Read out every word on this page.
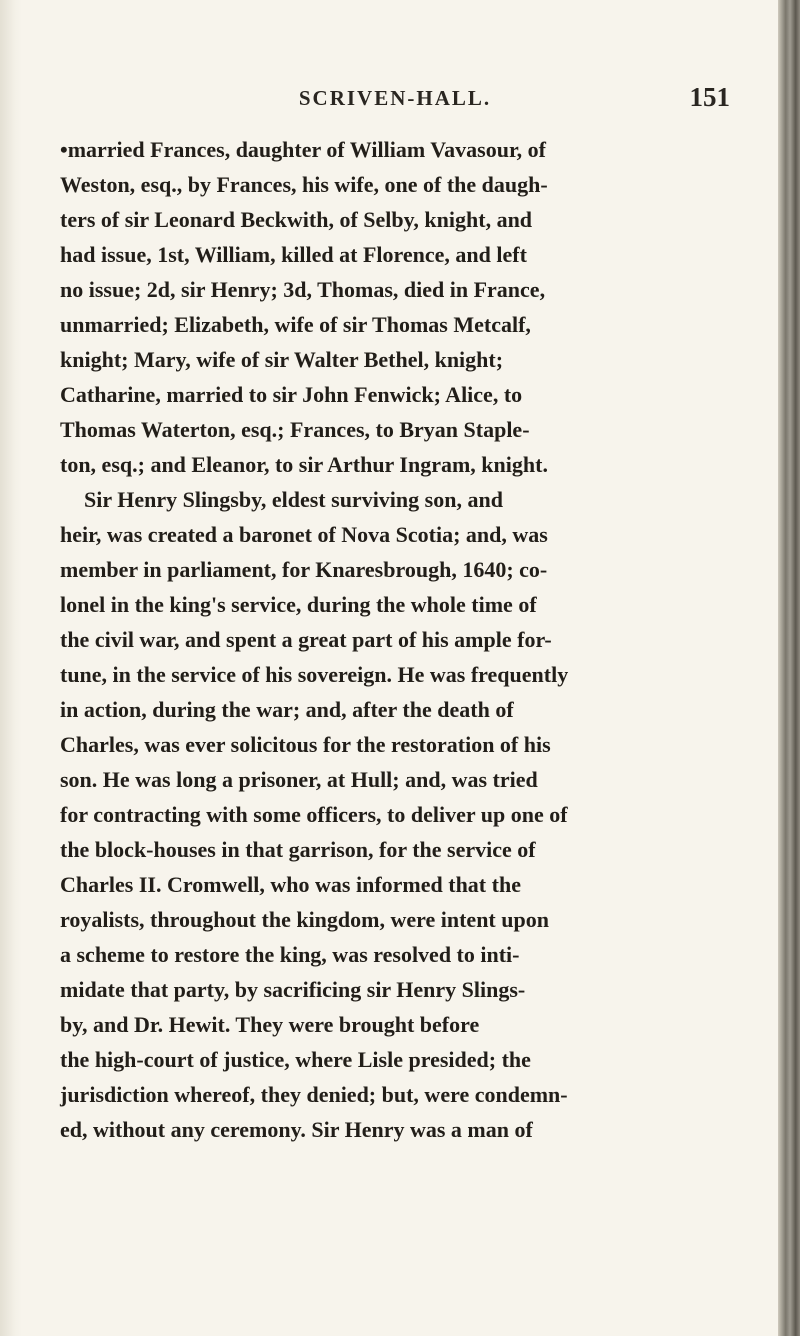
SCRIVEN-HALL.	151
•married Frances, daughter of William Vavasour, of
Weston, esq., by Frances, his wife, one of the daugh-
ters of sir Leonard Beckwith, of Selby, knight, and
had issue, 1st, William, killed at Florence, and left
no issue; 2d, sir Henry; 3d, Thomas, died in France,
unmarried; Elizabeth, wife of sir Thomas Metcalf,
knight; Mary, wife of sir Walter Bethel, knight;
Catharine, married to sir John Fenwick; Alice, to
Thomas Waterton, esq.; Frances, to Bryan Staple-
ton, esq.; and Eleanor, to sir Arthur Ingram, knight.
Sir Henry Slingsby, eldest surviving son, and
heir, was created a baronet of Nova Scotia; and, was
member in parliament, for Knaresbrough, 1640; co-
lonel in the king's service, during the whole time of
the civil war, and spent a great part of his ample for-
tune, in the service of his sovereign. He was frequently
in action, during the war; and, after the death of
Charles, was ever solicitous for the restoration of his
son. He was long a prisoner, at Hull; and, was tried
for contracting with some officers, to deliver up one of
the block-houses in that garrison, for the service of
Charles II. Cromwell, who was informed that the
royalists, throughout the kingdom, were intent upon
a scheme to restore the king, was resolved to inti-
midate that party, by sacrificing sir Henry Slings-
by, and Dr. Hewit. They were brought before
the high-court of justice, where Lisle presided; the
jurisdiction whereof, they denied; but, were condemn-
ed, without any ceremony. Sir Henry was a man of
